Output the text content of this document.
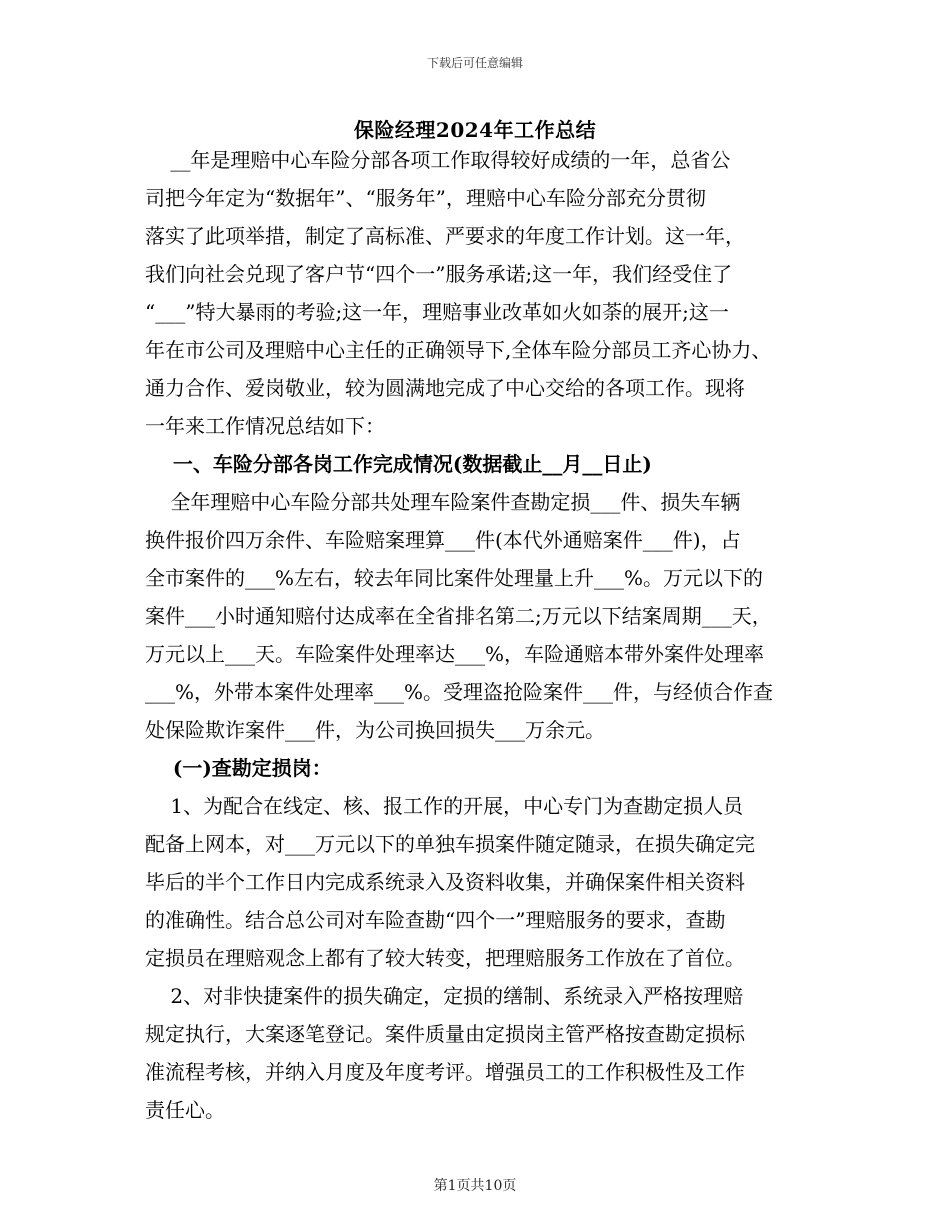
下载后可任意编辑
保险经理2024年工作总结
__年是理赔中心车险分部各项工作取得较好成绩的一年，总省公
司把今年定为“数据年”、“服务年”，理赔中心车险分部充分贯彻
落实了此项举措，制定了高标准、严要求的年度工作计划。这一年，
我们向社会兑现了客户节“四个一”服务承诺;这一年，我们经受住了
“___”特大暴雨的考验;这一年，理赔事业改革如火如荼的展开;这一
年在市公司及理赔中心主任的正确领导下,全体车险分部员工齐心协力、
通力合作、爱岗敬业，较为圆满地完成了中心交给的各项工作。现将
一年来工作情况总结如下：
一、车险分部各岗工作完成情况(数据截止__月__日止)
全年理赔中心车险分部共处理车险案件查勘定损___件、损失车辆
换件报价四万余件、车险赔案理算___件(本代外通赔案件___件)，占
全市案件的___%左右，较去年同比案件处理量上升___%。万元以下的
案件___小时通知赔付达成率在全省排名第二;万元以下结案周期___天，
万元以上___天。车险案件处理率达___%，车险通赔本带外案件处理率
___%，外带本案件处理率___%。受理盗抢险案件___件，与经侦合作查
处保险欺诈案件___件，为公司换回损失___万余元。
(一)查勘定损岗：
1、为配合在线定、核、报工作的开展，中心专门为查勘定损人员
配备上网本，对___万元以下的单独车损案件随定随录，在损失确定完
毕后的半个工作日内完成系统录入及资料收集，并确保案件相关资料
的准确性。结合总公司对车险查勘“四个一”理赔服务的要求，查勘
定损员在理赔观念上都有了较大转变，把理赔服务工作放在了首位。
2、对非快捷案件的损失确定，定损的缮制、系统录入严格按理赔
规定执行，大案逐笔登记。案件质量由定损岗主管严格按查勘定损标
准流程考核，并纳入月度及年度考评。增强员工的工作积极性及工作
责任心。
第1页共10页
